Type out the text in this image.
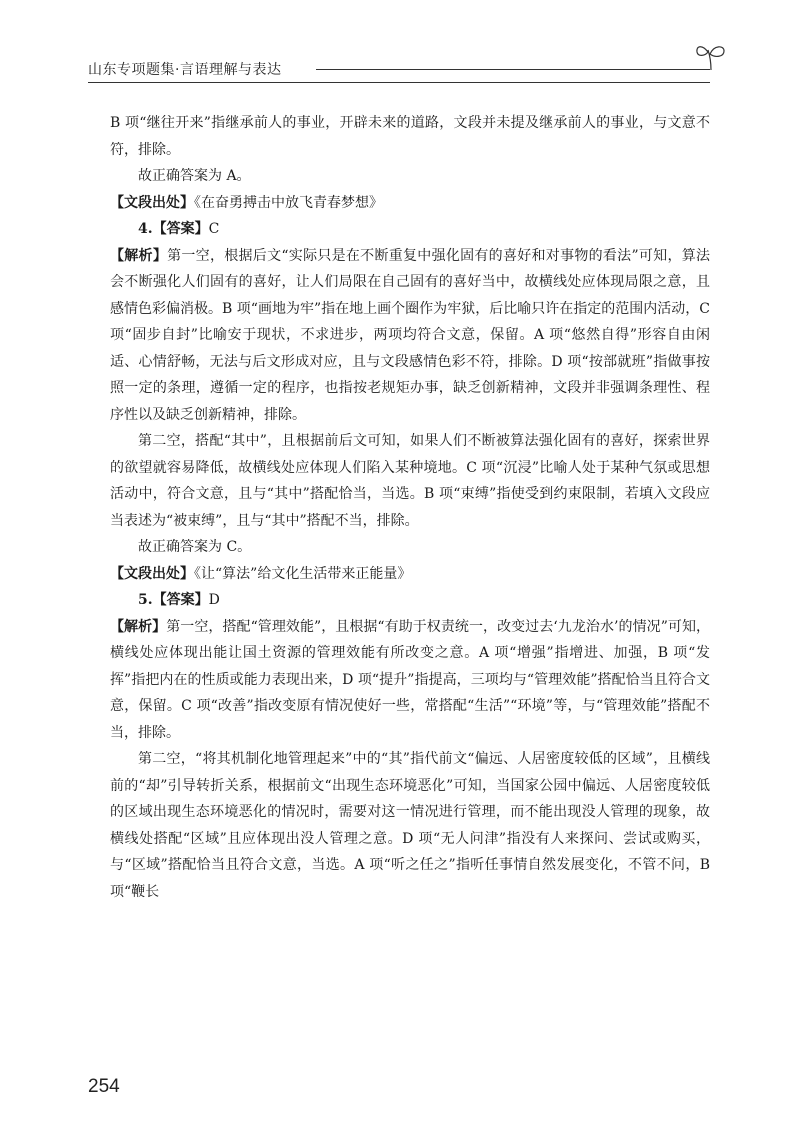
山东专项题集·言语理解与表达

B 项“继往开来”指继承前人的事业，开辟未来的道路，文段并未提及继承前人的事业，与文意不符，排除。

故正确答案为 A。

【文段出处】《在奋勇搏击中放飞青春梦想》

4.【答案】C

【解析】第一空，根据后文“实际只是在不断重复中强化固有的喜好和对事物的看法”可知，算法会不断强化人们固有的喜好，让人们局限在自己固有的喜好当中，故横线处应体现局限之意，且感情色彩偏消极。B 项“画地为牢”指在地上画个圈作为牢狱，后比喻只许在指定的范围内活动，C 项“固步自封”比喻安于现状，不求进步，两项均符合文意，保留。A 项“悠然自得”形容自由闲适、心情舒畅，无法与后文形成对应，且与文段感情色彩不符，排除。D 项“按部就班”指做事按照一定的条理，遵循一定的程序，也指按老规矩办事，缺乏创新精神，文段并非强调条理性、程序性以及缺乏创新精神，排除。

第二空，搭配“其中”，且根据前后文可知，如果人们不断被算法强化固有的喜好，探索世界的欲望就容易降低，故横线处应体现人们陷入某种境地。C 项“沉浸”比喻人处于某种气氛或思想活动中，符合文意，且与“其中”搭配恰当，当选。B 项“束缚”指使受到约束限制，若填入文段应当表述为“被束缚”，且与“其中”搭配不当，排除。

故正确答案为 C。

【文段出处】《让“算法”给文化生活带来正能量》

5.【答案】D

【解析】第一空，搭配“管理效能”，且根据“有助于权责统一，改变过去‘九龙治水’的情况”可知，横线处应体现出能让国土资源的管理效能有所改变之意。A 项“增强”指增进、加强，B 项“发挥”指把内在的性质或能力表现出来，D 项“提升”指提高，三项均与“管理效能”搭配恰当且符合文意，保留。C 项“改善”指改变原有情况使好一些，常搭配“生活”“环境”等，与“管理效能”搭配不当，排除。

第二空，“将其机制化地管理起来”中的“其”指代前文“偏远、人居密度较低的区域”，且横线前的“却”引导转折关系，根据前文“出现生态环境恶化”可知，当国家公园中偏远、人居密度较低的区域出现生态环境恶化的情况时，需要对这一情况进行管理，而不能出现没人管理的现象，故横线处搭配“区域”且应体现出没人管理之意。D 项“无人问津”指没有人来探问、尝试或购买，与“区域”搭配恰当且符合文意，当选。A 项“听之任之”指听任事情自然发展变化，不管不问，B 项“鞭长

254
